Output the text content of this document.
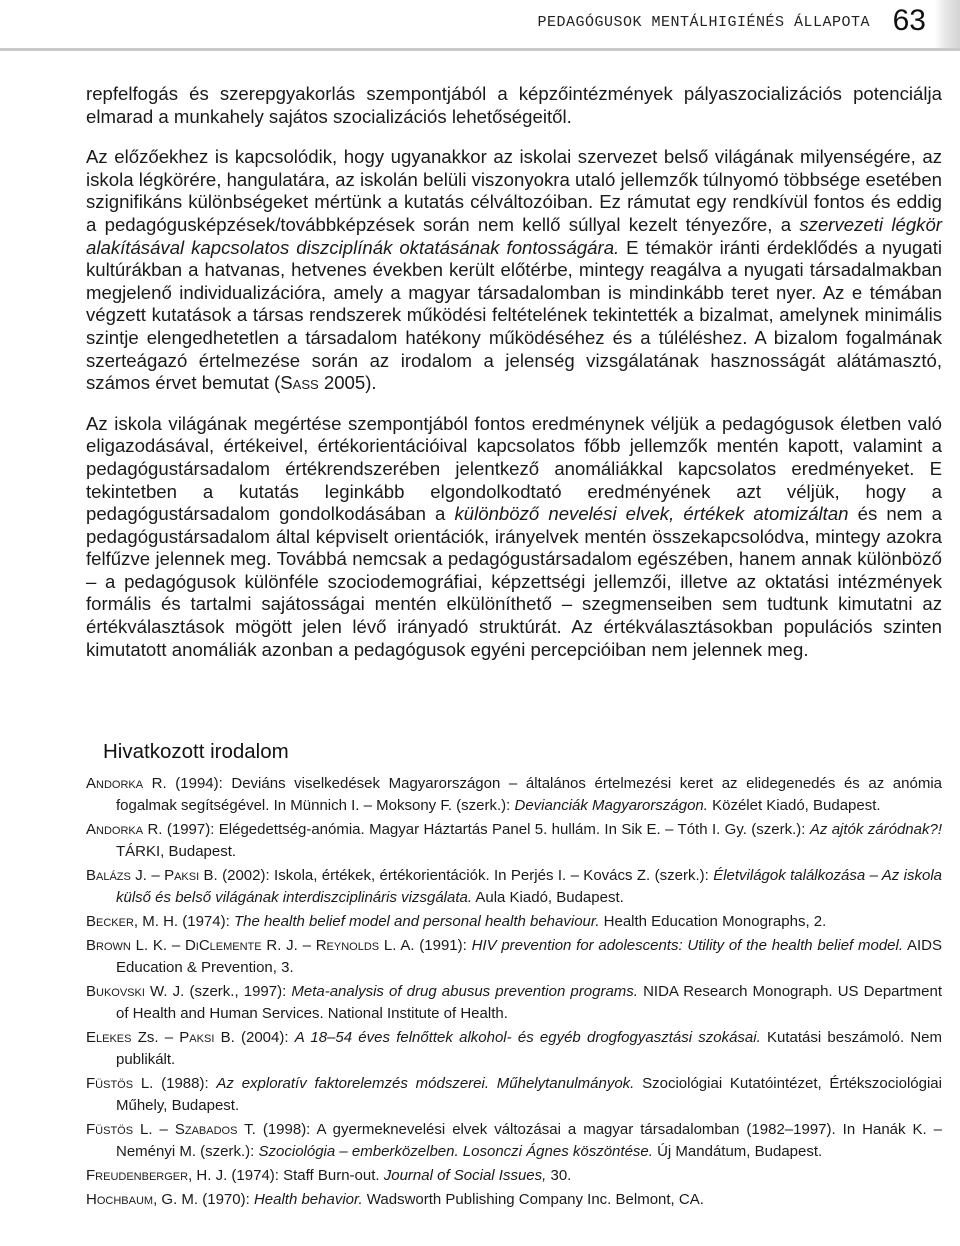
PEDAGÓGUSOK MENTÁLHIGIÉNÉS ÁLLAPOTA 63

repfelfogás és szerepgyakorlás szempontjából a képzőintézmények pályaszocializációs potenciálja elmarad a munkahely sajátos szocializációs lehetőségeitől.

Az előzőekhez is kapcsolódik, hogy ugyanakkor az iskolai szervezet belső világának milyenségére, az iskola légkörére, hangulatára, az iskolán belüli viszonyokra utaló jellemzők túlnyomó többsége esetében szignifikáns különbségeket mértünk a kutatás célváltozóiban. Ez rámutat egy rendkívül fontos és eddig a pedagógusképzések/továbbképzések során nem kellő súllyal kezelt tényezőre, a szervezeti légkör alakításával kapcsolatos diszciplínák oktatásának fontosságára. E témakör iránti érdeklődés a nyugati kultúrákban a hatvanas, hetvenes években került előtérbe, mintegy reagálva a nyugati társadalmakban megjelenő individualizációra, amely a magyar társadalomban is mindinkább teret nyer. Az e témában végzett kutatások a társas rendszerek működési feltételének tekintették a bizalmat, amelynek minimális szintje elengedhetetlen a társadalom hatékony működéséhez és a túléléshez. A bizalom fogalmának szerteágazó értelmezése során az irodalom a jelenség vizsgálatának hasznosságát alátámasztó, számos érvet bemutat (Sass 2005).

Az iskola világának megértése szempontjából fontos eredménynek véljük a pedagógusok életben való eligazodásával, értékeivel, értékorientációival kapcsolatos főbb jellemzők mentén kapott, valamint a pedagógustársadalom értékrendszerében jelentkező anomáliákkal kapcsolatos eredményeket. E tekintetben a kutatás leginkább elgondolkodtató eredményének azt véljük, hogy a pedagógustársadalom gondolkodásában a különböző nevelési elvek, értékek atomizáltan és nem a pedagógustársadalom által képviselt orientációk, irányelvek mentén összekapcsolódva, mintegy azokra felfűzve jelennek meg. Továbbá nemcsak a pedagógustársadalom egészében, hanem annak különböző – a pedagógusok különféle szociodemográfiai, képzettségi jellemzői, illetve az oktatási intézmények formális és tartalmi sajátosságai mentén elkülöníthető – szegmenseiben sem tudtunk kimutatni az értékválasztások mögött jelen lévő irányadó struktúrát. Az értékválasztásokban populációs szinten kimutatott anomáliák azonban a pedagógusok egyéni percepcióiban nem jelennek meg.

Hivatkozott irodalom
Andorka R. (1994): Deviáns viselkedések Magyarországon – általános értelmezési keret az elidegenedés és az anómia fogalmak segítségével. In Münnich I. – Moksony F. (szerk.): Devianciák Magyarországon. Közélet Kiadó, Budapest.
Andorka R. (1997): Elégedettség-anómia. Magyar Háztartás Panel 5. hullám. In Sik E. – Tóth I. Gy. (szerk.): Az ajtók záródnak?! TÁRKI, Budapest.
Balázs J. – Paksi B. (2002): Iskola, értékek, értékorientációk. In Perjés I. – Kovács Z. (szerk.): Életvilágok találkozása – Az iskola külső és belső világának interdiszciplináris vizsgálata. Aula Kiadó, Budapest.
Becker, M. H. (1974): The health belief model and personal health behaviour. Health Education Monographs, 2.
Brown L. K. – DiClemente R. J. – Reynolds L. A. (1991): HIV prevention for adolescents: Utility of the health belief model. AIDS Education & Prevention, 3.
Bukovski W. J. (szerk., 1997): Meta-analysis of drug abusus prevention programs. NIDA Research Monograph. US Department of Health and Human Services. National Institute of Health.
Elekes Zs. – Paksi B. (2004): A 18–54 éves felnőttek alkohol- és egyéb drogfogyasztási szokásai. Kutatási beszámoló. Nem publikált.
Füstös L. (1988): Az exploratív faktorelemzés módszerei. Műhelytanulmányok. Szociológiai Kutatóintézet, Értékszociológiai Műhely, Budapest.
Füstös L. – Szabados T. (1998): A gyermeknevelési elvek változásai a magyar társadalomban (1982–1997). In Hanák K. – Neményi M. (szerk.): Szociológia – emberközelben. Losonczi Ágnes köszöntése. Új Mandátum, Budapest.
Freudenberger, H. J. (1974): Staff Burn-out. Journal of Social Issues, 30.
Hochbaum, G. M. (1970): Health behavior. Wadsworth Publishing Company Inc. Belmont, CA.
